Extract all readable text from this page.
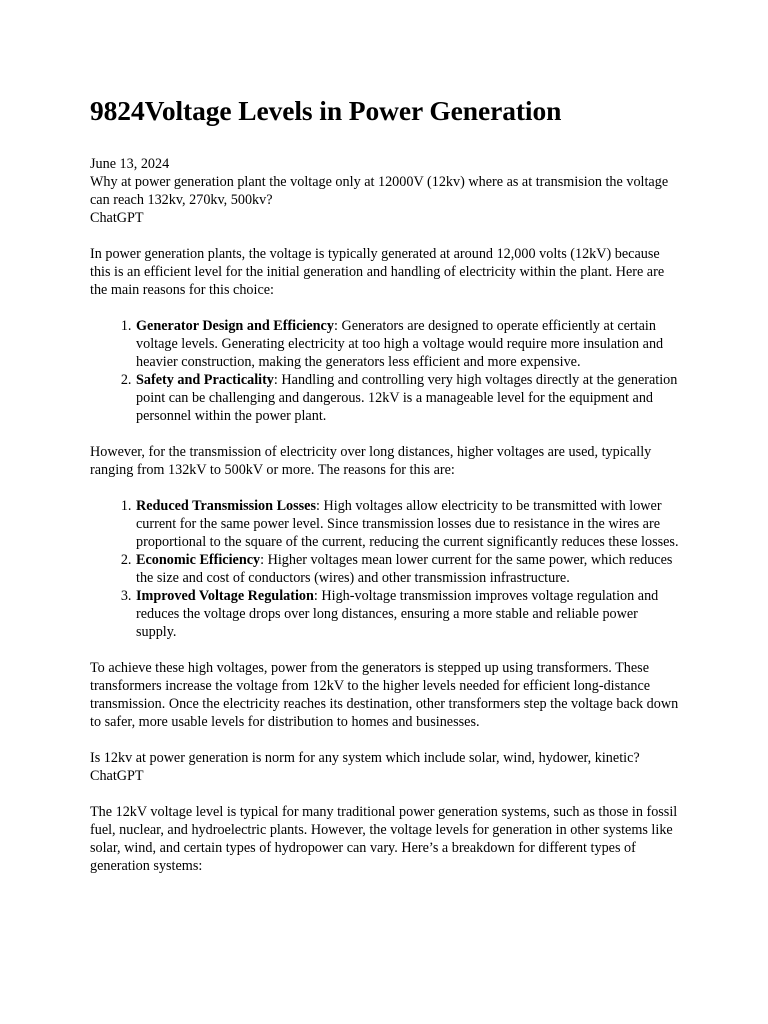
9824Voltage Levels in Power Generation

June 13, 2024
Why at power generation plant the voltage only at 12000V (12kv) where as at transmision the voltage can reach 132kv, 270kv, 500kv?
ChatGPT

In power generation plants, the voltage is typically generated at around 12,000 volts (12kV) because this is an efficient level for the initial generation and handling of electricity within the plant. Here are the main reasons for this choice:

1. Generator Design and Efficiency: Generators are designed to operate efficiently at certain voltage levels. Generating electricity at too high a voltage would require more insulation and heavier construction, making the generators less efficient and more expensive.
2. Safety and Practicality: Handling and controlling very high voltages directly at the generation point can be challenging and dangerous. 12kV is a manageable level for the equipment and personnel within the power plant.

However, for the transmission of electricity over long distances, higher voltages are used, typically ranging from 132kV to 500kV or more. The reasons for this are:

1. Reduced Transmission Losses: High voltages allow electricity to be transmitted with lower current for the same power level. Since transmission losses due to resistance in the wires are proportional to the square of the current, reducing the current significantly reduces these losses.
2. Economic Efficiency: Higher voltages mean lower current for the same power, which reduces the size and cost of conductors (wires) and other transmission infrastructure.
3. Improved Voltage Regulation: High-voltage transmission improves voltage regulation and reduces the voltage drops over long distances, ensuring a more stable and reliable power supply.

To achieve these high voltages, power from the generators is stepped up using transformers. These transformers increase the voltage from 12kV to the higher levels needed for efficient long-distance transmission. Once the electricity reaches its destination, other transformers step the voltage back down to safer, more usable levels for distribution to homes and businesses.

Is 12kv at power generation is norm for any system which include solar, wind, hydower, kinetic?
ChatGPT

The 12kV voltage level is typical for many traditional power generation systems, such as those in fossil fuel, nuclear, and hydroelectric plants. However, the voltage levels for generation in other systems like solar, wind, and certain types of hydropower can vary. Here’s a breakdown for different types of generation systems:
